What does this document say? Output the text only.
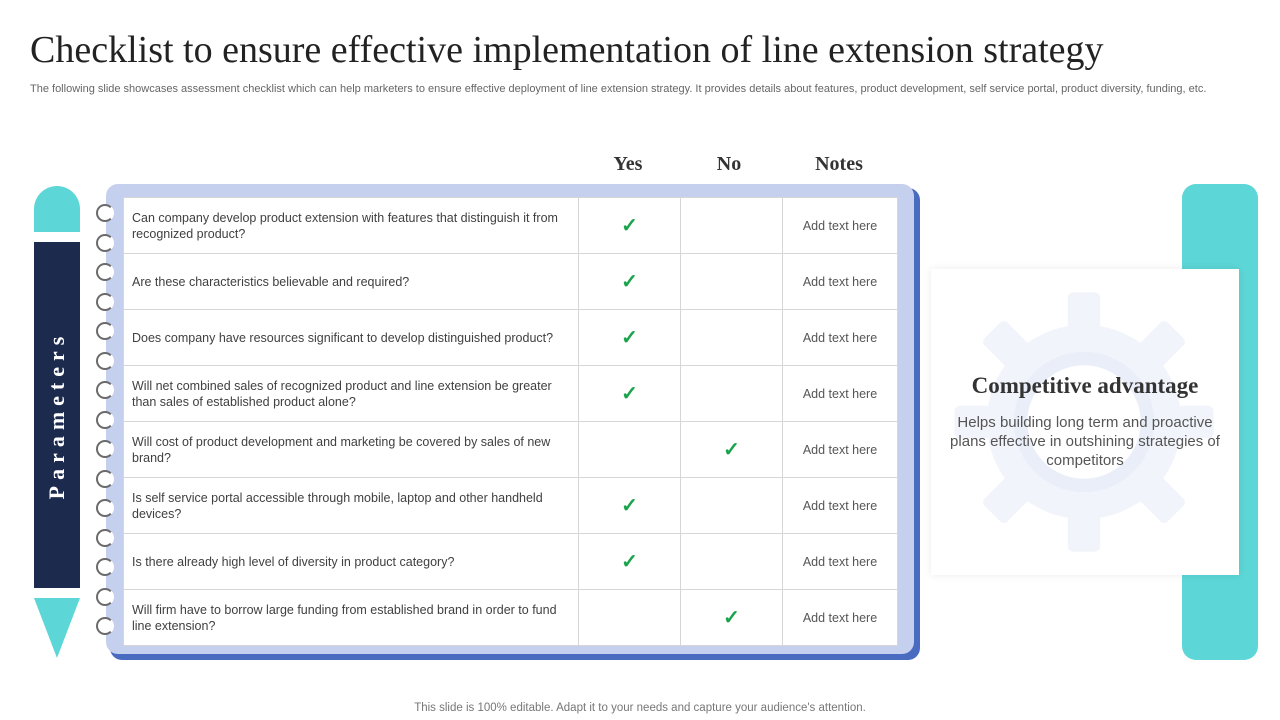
Checklist to ensure effective implementation of line extension strategy
The following slide showcases assessment checklist which can help marketers to ensure effective deployment of line extension strategy. It provides details about features, product development, self service portal, product diversity, funding, etc.
Yes	No	Notes
Parameters
Can company develop product extension with features that distinguish it from recognized product?	✓		Add text here
Are these characteristics believable and required?	✓		Add text here
Does company have resources significant to develop distinguished product?	✓		Add text here
Will net combined sales of recognized product and line extension be greater than sales of established product alone?	✓		Add text here
Will cost of product development and marketing be covered by sales of new brand?		✓	Add text here
Is self service portal accessible through mobile, laptop and other handheld devices?	✓		Add text here
Is there already high level of diversity in product category?	✓		Add text here
Will firm have to borrow large funding from established brand in order to fund line extension?		✓	Add text here
Competitive advantage
Helps building long term and proactive plans effective in outshining strategies of competitors
This slide is 100% editable. Adapt it to your needs and capture your audience's attention.
